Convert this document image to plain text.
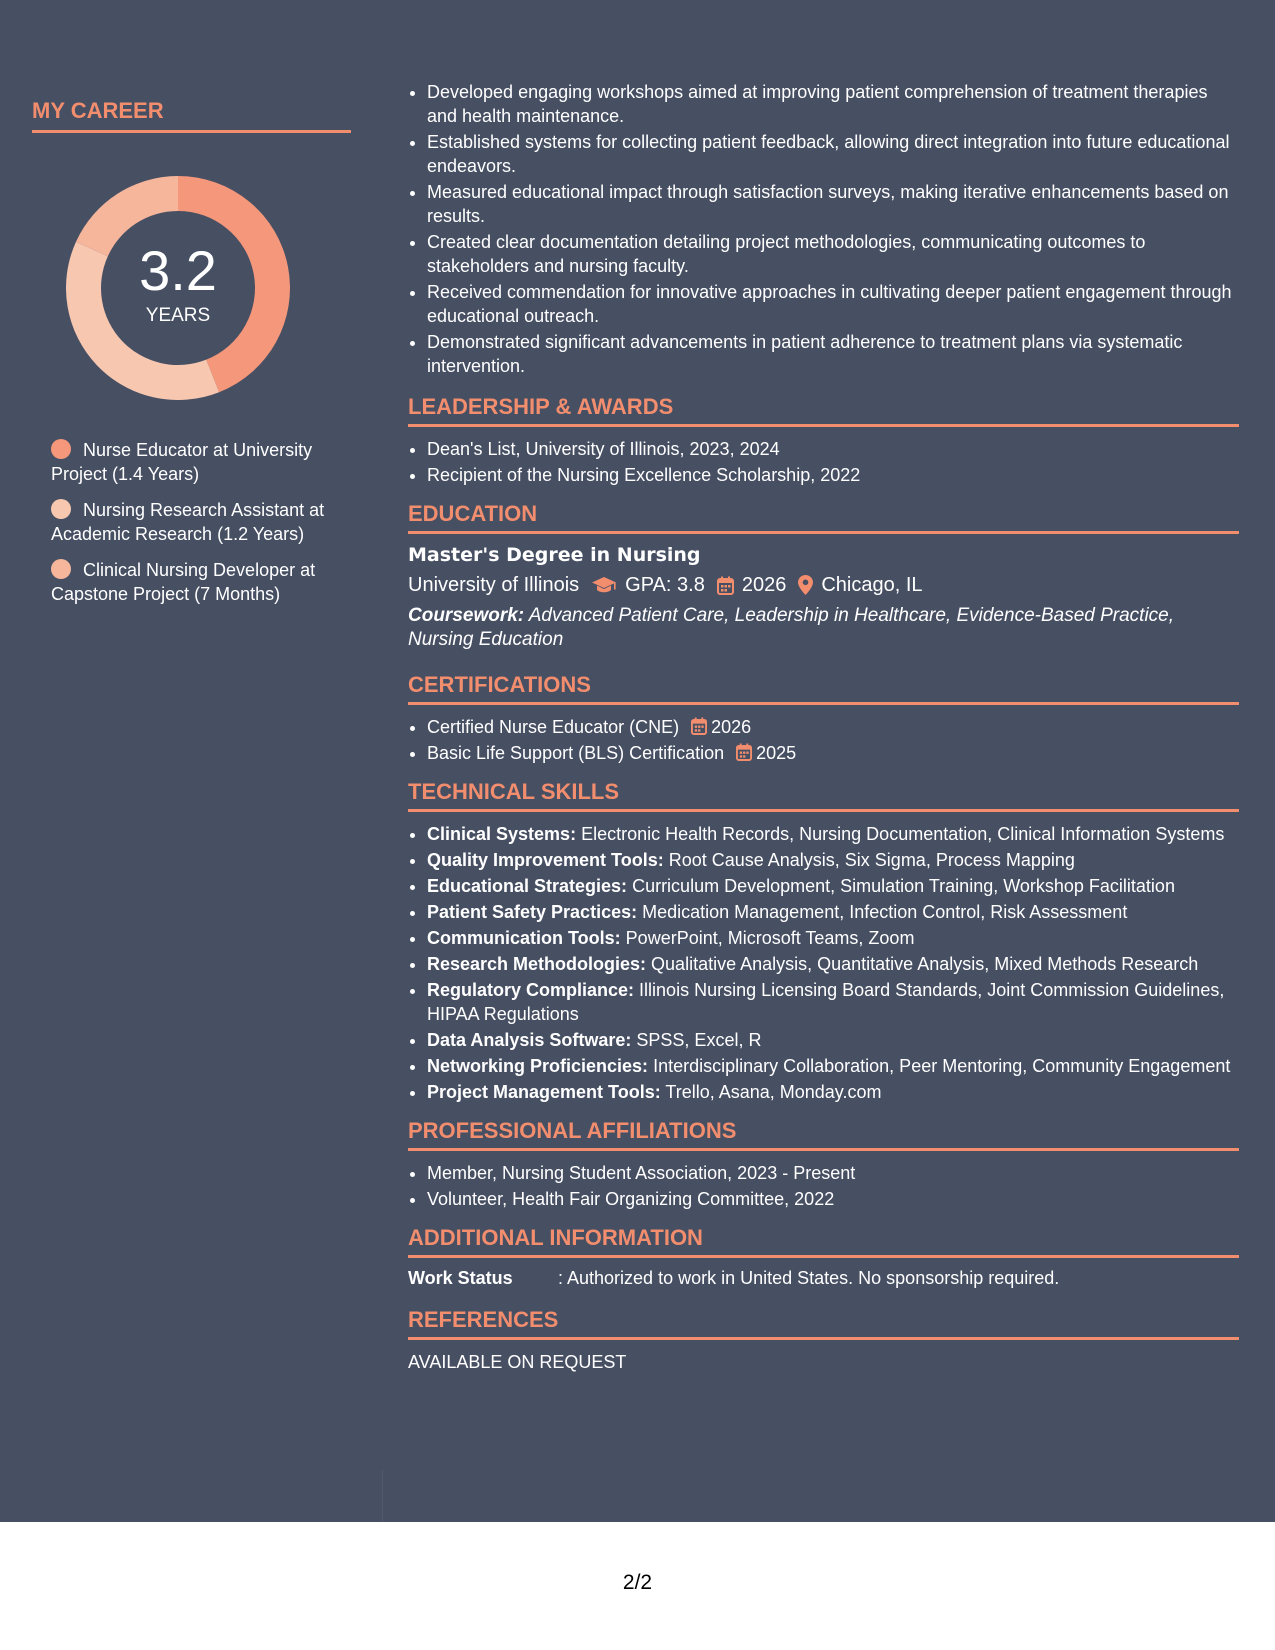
MY CAREER
3.2
YEARS
Nurse Educator at University Project (1.4 Years)
Nursing Research Assistant at Academic Research (1.2 Years)
Clinical Nursing Developer at Capstone Project (7 Months)
• Developed engaging workshops aimed at improving patient comprehension of treatment therapies and health maintenance.
• Established systems for collecting patient feedback, allowing direct integration into future educational endeavors.
• Measured educational impact through satisfaction surveys, making iterative enhancements based on results.
• Created clear documentation detailing project methodologies, communicating outcomes to stakeholders and nursing faculty.
• Received commendation for innovative approaches in cultivating deeper patient engagement through educational outreach.
• Demonstrated significant advancements in patient adherence to treatment plans via systematic intervention.
LEADERSHIP & AWARDS
• Dean's List, University of Illinois, 2023, 2024
• Recipient of the Nursing Excellence Scholarship, 2022
EDUCATION
Master's Degree in Nursing
University of Illinois GPA: 3.8 2026 Chicago, IL
Coursework: Advanced Patient Care, Leadership in Healthcare, Evidence-Based Practice, Nursing Education
CERTIFICATIONS
• Certified Nurse Educator (CNE) 2026
• Basic Life Support (BLS) Certification 2025
TECHNICAL SKILLS
• Clinical Systems: Electronic Health Records, Nursing Documentation, Clinical Information Systems
• Quality Improvement Tools: Root Cause Analysis, Six Sigma, Process Mapping
• Educational Strategies: Curriculum Development, Simulation Training, Workshop Facilitation
• Patient Safety Practices: Medication Management, Infection Control, Risk Assessment
• Communication Tools: PowerPoint, Microsoft Teams, Zoom
• Research Methodologies: Qualitative Analysis, Quantitative Analysis, Mixed Methods Research
• Regulatory Compliance: Illinois Nursing Licensing Board Standards, Joint Commission Guidelines, HIPAA Regulations
• Data Analysis Software: SPSS, Excel, R
• Networking Proficiencies: Interdisciplinary Collaboration, Peer Mentoring, Community Engagement
• Project Management Tools: Trello, Asana, Monday.com
PROFESSIONAL AFFILIATIONS
• Member, Nursing Student Association, 2023 - Present
• Volunteer, Health Fair Organizing Committee, 2022
ADDITIONAL INFORMATION
Work Status	: Authorized to work in United States. No sponsorship required.
REFERENCES
AVAILABLE ON REQUEST
2/2
